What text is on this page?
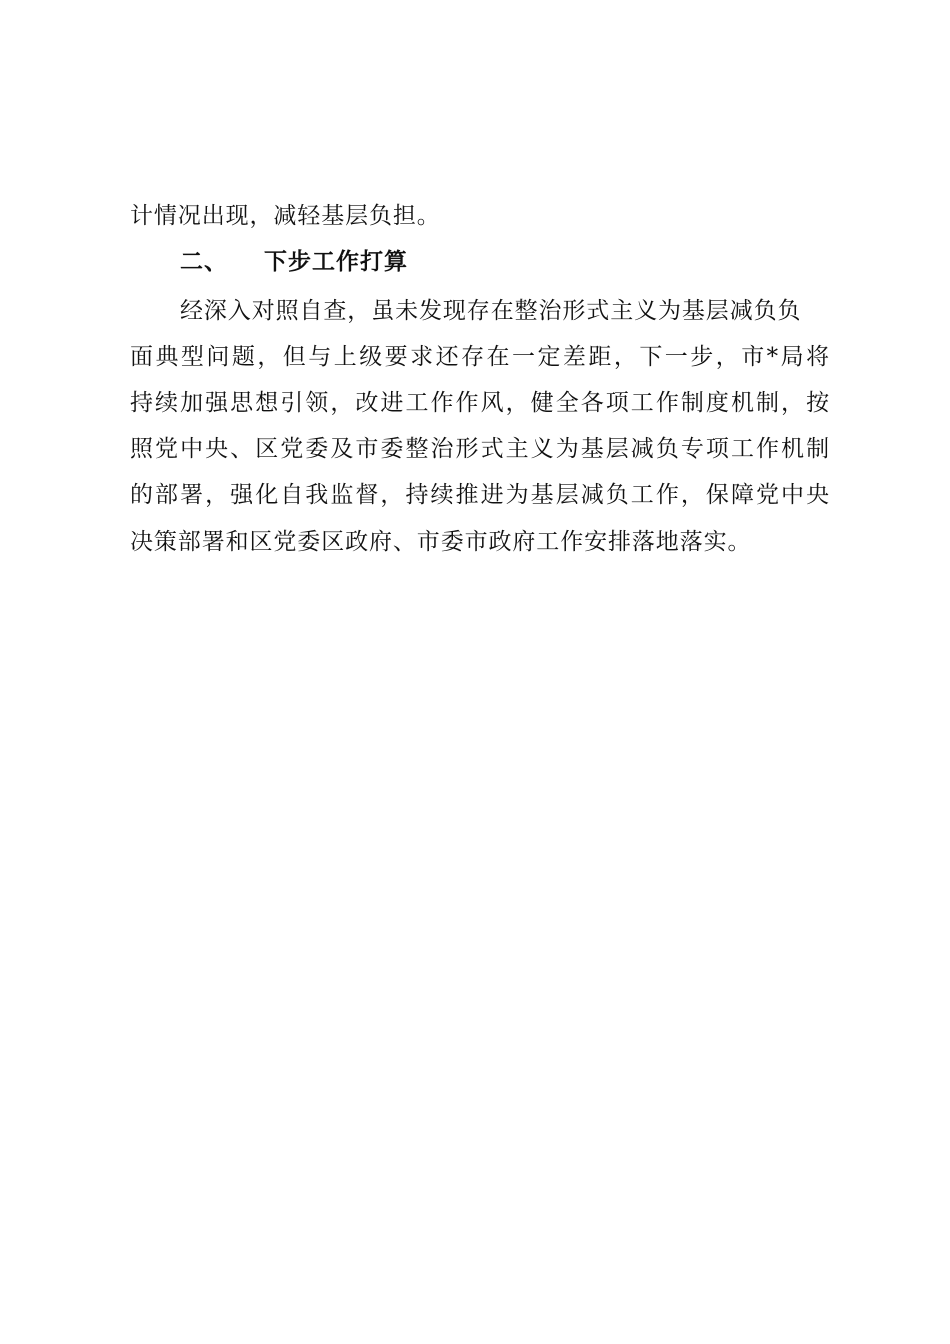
计情况出现，减轻基层负担。
二、 下步工作打算
经深入对照自查，虽未发现存在整治形式主义为基层减负负
面典型问题，但与上级要求还存在一定差距，下一步，市*局将
持续加强思想引领，改进工作作风，健全各项工作制度机制，按
照党中央、区党委及市委整治形式主义为基层减负专项工作机制
的部署，强化自我监督，持续推进为基层减负工作，保障党中央
决策部署和区党委区政府、市委市政府工作安排落地落实。
